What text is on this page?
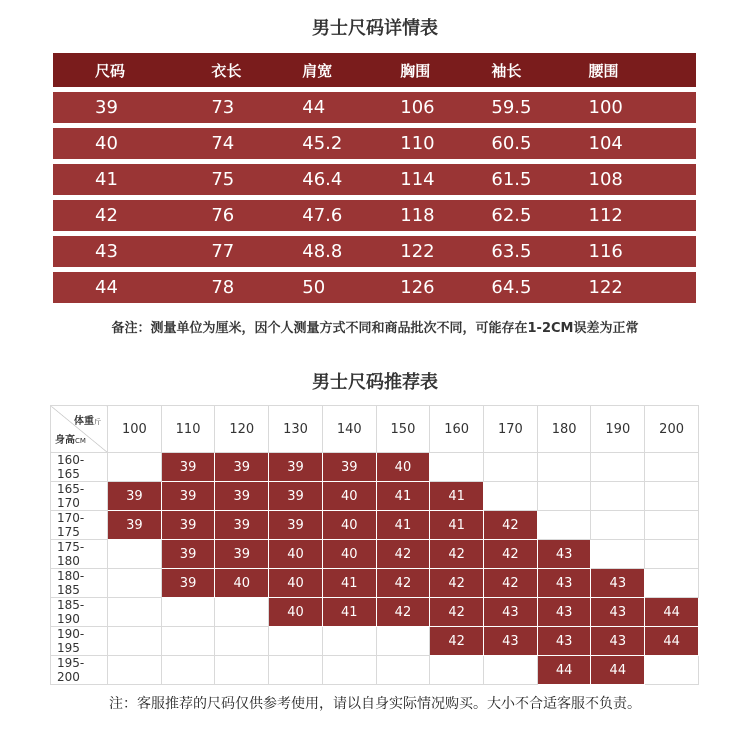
男士尺码详情表
尺码	衣长	肩宽	胸围	袖长	腰围
39	73	44	106	59.5	100
40	74	45.2	110	60.5	104
41	75	46.4	114	61.5	108
42	76	47.6	118	62.5	112
43	77	48.8	122	63.5	116
44	78	50	126	64.5	122
备注：测量单位为厘米，因个人测量方式不同和商品批次不同，可能存在1-2CM误差为正常
男士尺码推荐表
体重斤
身高CM	100	110	120	130	140	150	160	170	180	190	200
160-165		39	39	39	39	40					
165-170	39	39	39	39	40	41	41				
170-175	39	39	39	39	40	41	41	42			
175-180		39	39	40	40	42	42	42	43		
180-185		39	40	40	41	42	42	42	43	43	
185-190				40	41	42	42	43	43	43	44
190-195							42	43	43	43	44
195-200									44	44	
注：客服推荐的尺码仅供参考使用，请以自身实际情况购买。大小不合适客服不负责。
